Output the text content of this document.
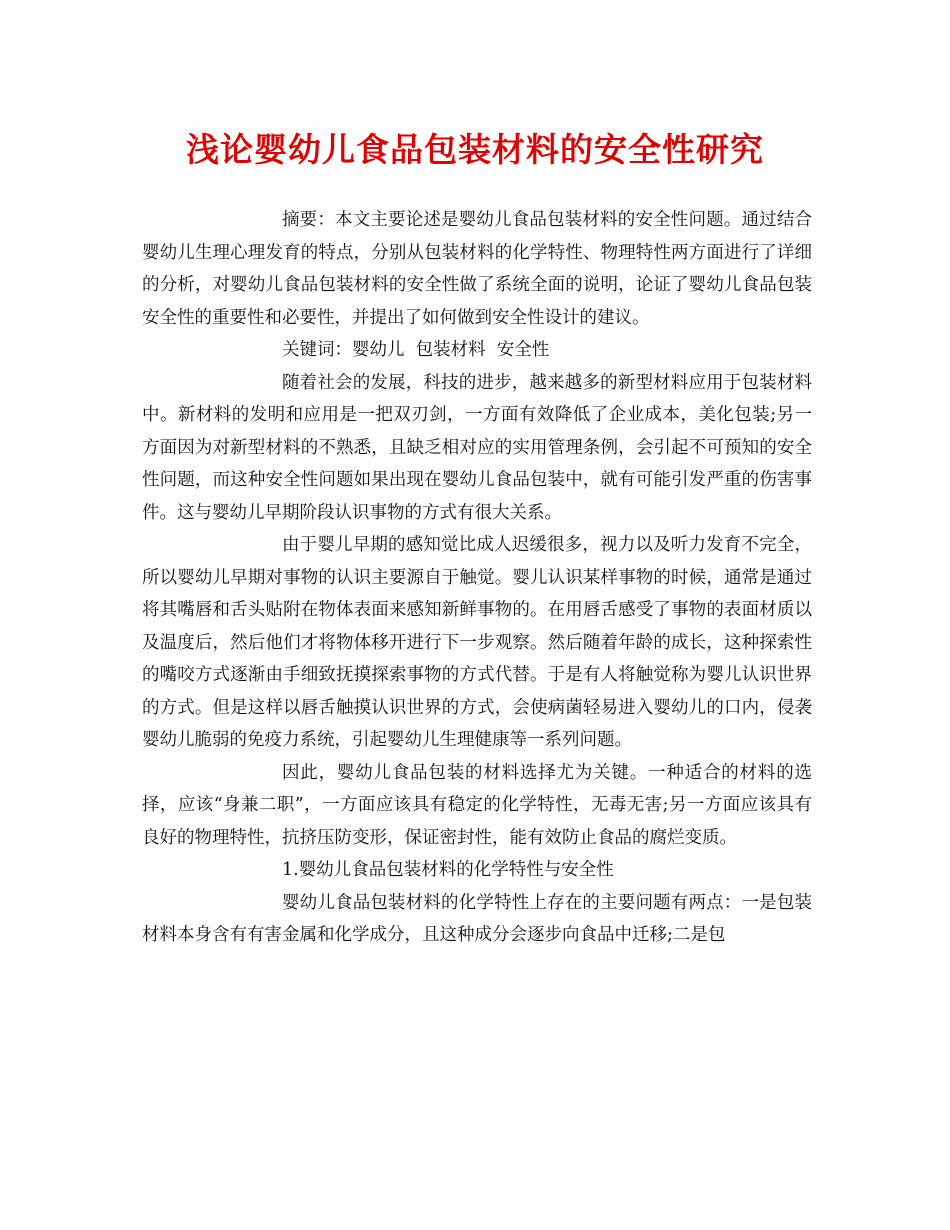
浅论婴幼儿食品包装材料的安全性研究

摘要：本文主要论述是婴幼儿食品包装材料的安全性问题。通过结合婴幼儿生理心理发育的特点，分别从包装材料的化学特性、物理特性两方面进行了详细的分析，对婴幼儿食品包装材料的安全性做了系统全面的说明，论证了婴幼儿食品包装安全性的重要性和必要性，并提出了如何做到安全性设计的建议。

关键词：婴幼儿  包装材料  安全性

随着社会的发展，科技的进步，越来越多的新型材料应用于包装材料中。新材料的发明和应用是一把双刃剑，一方面有效降低了企业成本，美化包装;另一方面因为对新型材料的不熟悉，且缺乏相对应的实用管理条例，会引起不可预知的安全性问题，而这种安全性问题如果出现在婴幼儿食品包装中，就有可能引发严重的伤害事件。这与婴幼儿早期阶段认识事物的方式有很大关系。

由于婴儿早期的感知觉比成人迟缓很多，视力以及听力发育不完全，所以婴幼儿早期对事物的认识主要源自于触觉。婴儿认识某样事物的时候，通常是通过将其嘴唇和舌头贴附在物体表面来感知新鲜事物的。在用唇舌感受了事物的表面材质以及温度后，然后他们才将物体移开进行下一步观察。然后随着年龄的成长，这种探索性的嘴咬方式逐渐由手细致抚摸探索事物的方式代替。于是有人将触觉称为婴儿认识世界的方式。但是这样以唇舌触摸认识世界的方式，会使病菌轻易进入婴幼儿的口内，侵袭婴幼儿脆弱的免疫力系统，引起婴幼儿生理健康等一系列问题。

因此，婴幼儿食品包装的材料选择尤为关键。一种适合的材料的选择，应该“身兼二职”，一方面应该具有稳定的化学特性，无毒无害;另一方面应该具有良好的物理特性，抗挤压防变形，保证密封性，能有效防止食品的腐烂变质。

1.婴幼儿食品包装材料的化学特性与安全性

婴幼儿食品包装材料的化学特性上存在的主要问题有两点：一是包装材料本身含有有害金属和化学成分，且这种成分会逐步向食品中迁移;二是包
